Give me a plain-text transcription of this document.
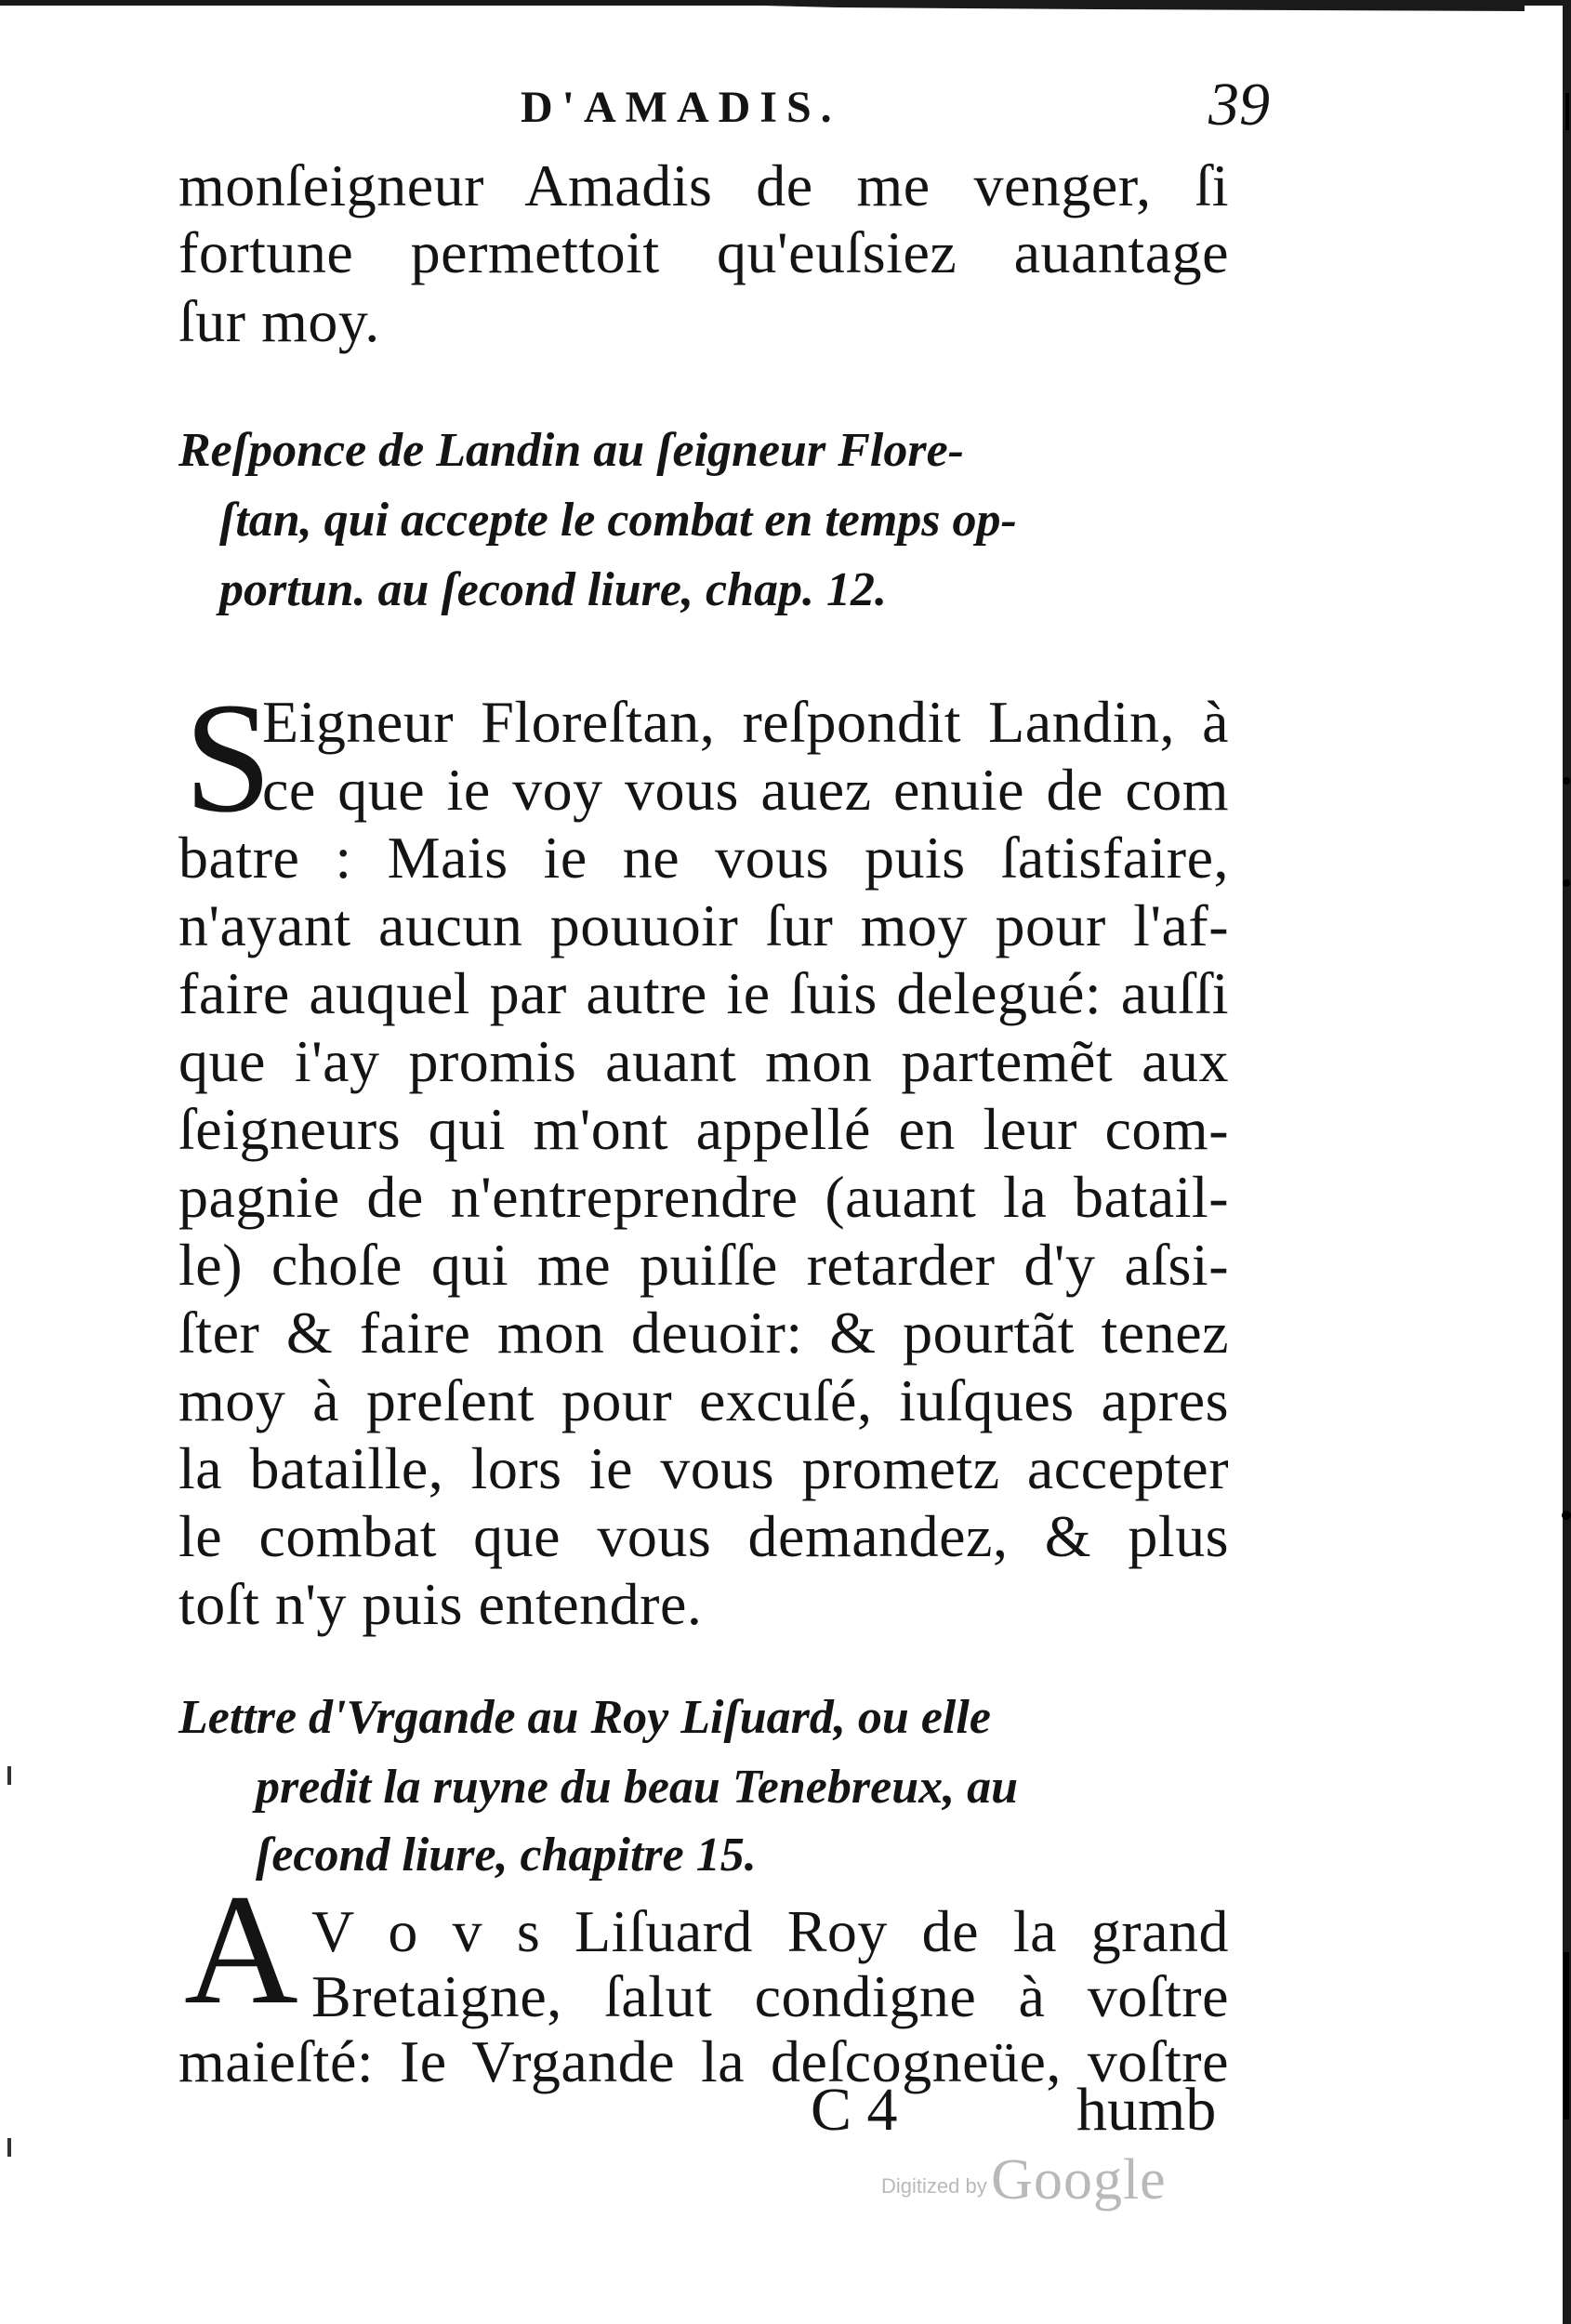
D'AMADIS.	39
monſeigneur Amadis de me venger, ſi
fortune permettoit qu'euſsiez auantage
ſur moy.
Reſponce de Landin au ſeigneur Flore-
ſtan, qui accepte le combat en temps op-
portun. au ſecond liure, chap. 12.
S
Eigneur Floreſtan, reſpondit Landin, à
ce que ie voy vous auez enuie de com
batre : Mais ie ne vous puis ſatisfaire,
n'ayant aucun pouuoir ſur moy pour l'af-
faire auquel par autre ie ſuis delegué: auſſi
que i'ay promis auant mon partemẽt aux
ſeigneurs qui m'ont appellé en leur com-
pagnie de n'entreprendre (auant la batail-
le) choſe qui me puiſſe retarder d'y aſsi-
ſter & faire mon deuoir: & pourtãt tenez
moy à preſent pour excuſé, iuſques apres
la bataille, lors ie vous prometz accepter
le combat que vous demandez, & plus
toſt n'y puis entendre.
Lettre d'Vrgande au Roy Liſuard, ou elle
predit la ruyne du beau Tenebreux, au
ſecond liure, chapitre 15.
A V o v s Liſuard Roy de la grand
Bretaigne, ſalut condigne à voſtre
maieſté: Ie Vrgande la deſcogneüe, voſtre
C 4	humb
Digitized by Google
